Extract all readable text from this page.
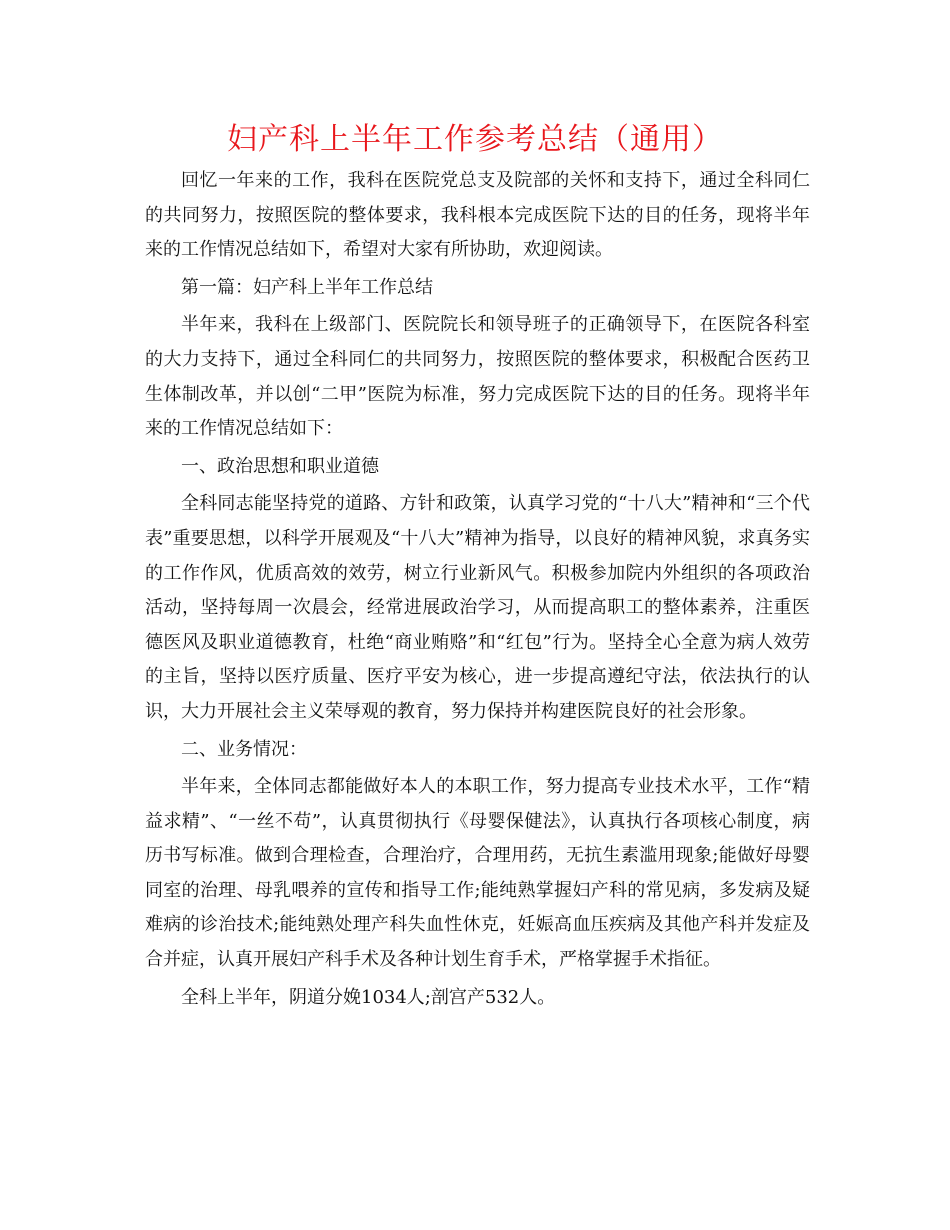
妇产科上半年工作参考总结（通用）

回忆一年来的工作，我科在医院党总支及院部的关怀和支持下，通过全科同仁的共同努力，按照医院的整体要求，我科根本完成医院下达的目的任务，现将半年来的工作情况总结如下，希望对大家有所协助，欢迎阅读。

第一篇：妇产科上半年工作总结

半年来，我科在上级部门、医院院长和领导班子的正确领导下，在医院各科室的大力支持下，通过全科同仁的共同努力，按照医院的整体要求，积极配合医药卫生体制改革，并以创“二甲”医院为标准，努力完成医院下达的目的任务。现将半年来的工作情况总结如下：

一、政治思想和职业道德

全科同志能坚持党的道路、方针和政策，认真学习党的“十八大”精神和“三个代表”重要思想，以科学开展观及“十八大”精神为指导，以良好的精神风貌，求真务实的工作作风，优质高效的效劳，树立行业新风气。积极参加院内外组织的各项政治活动，坚持每周一次晨会，经常进展政治学习，从而提高职工的整体素养，注重医德医风及职业道德教育，杜绝“商业贿赂”和“红包”行为。坚持全心全意为病人效劳的主旨，坚持以医疗质量、医疗平安为核心，进一步提高遵纪守法，依法执行的认识，大力开展社会主义荣辱观的教育，努力保持并构建医院良好的社会形象。

二、业务情况：

半年来，全体同志都能做好本人的本职工作，努力提高专业技术水平，工作“精益求精”、“一丝不苟”，认真贯彻执行《母婴保健法》，认真执行各项核心制度，病历书写标准。做到合理检查，合理治疗，合理用药，无抗生素滥用现象;能做好母婴同室的治理、母乳喂养的宣传和指导工作;能纯熟掌握妇产科的常见病，多发病及疑难病的诊治技术;能纯熟处理产科失血性休克，妊娠高血压疾病及其他产科并发症及合并症，认真开展妇产科手术及各种计划生育手术，严格掌握手术指征。

全科上半年，阴道分娩1034人;剖宫产532人。
